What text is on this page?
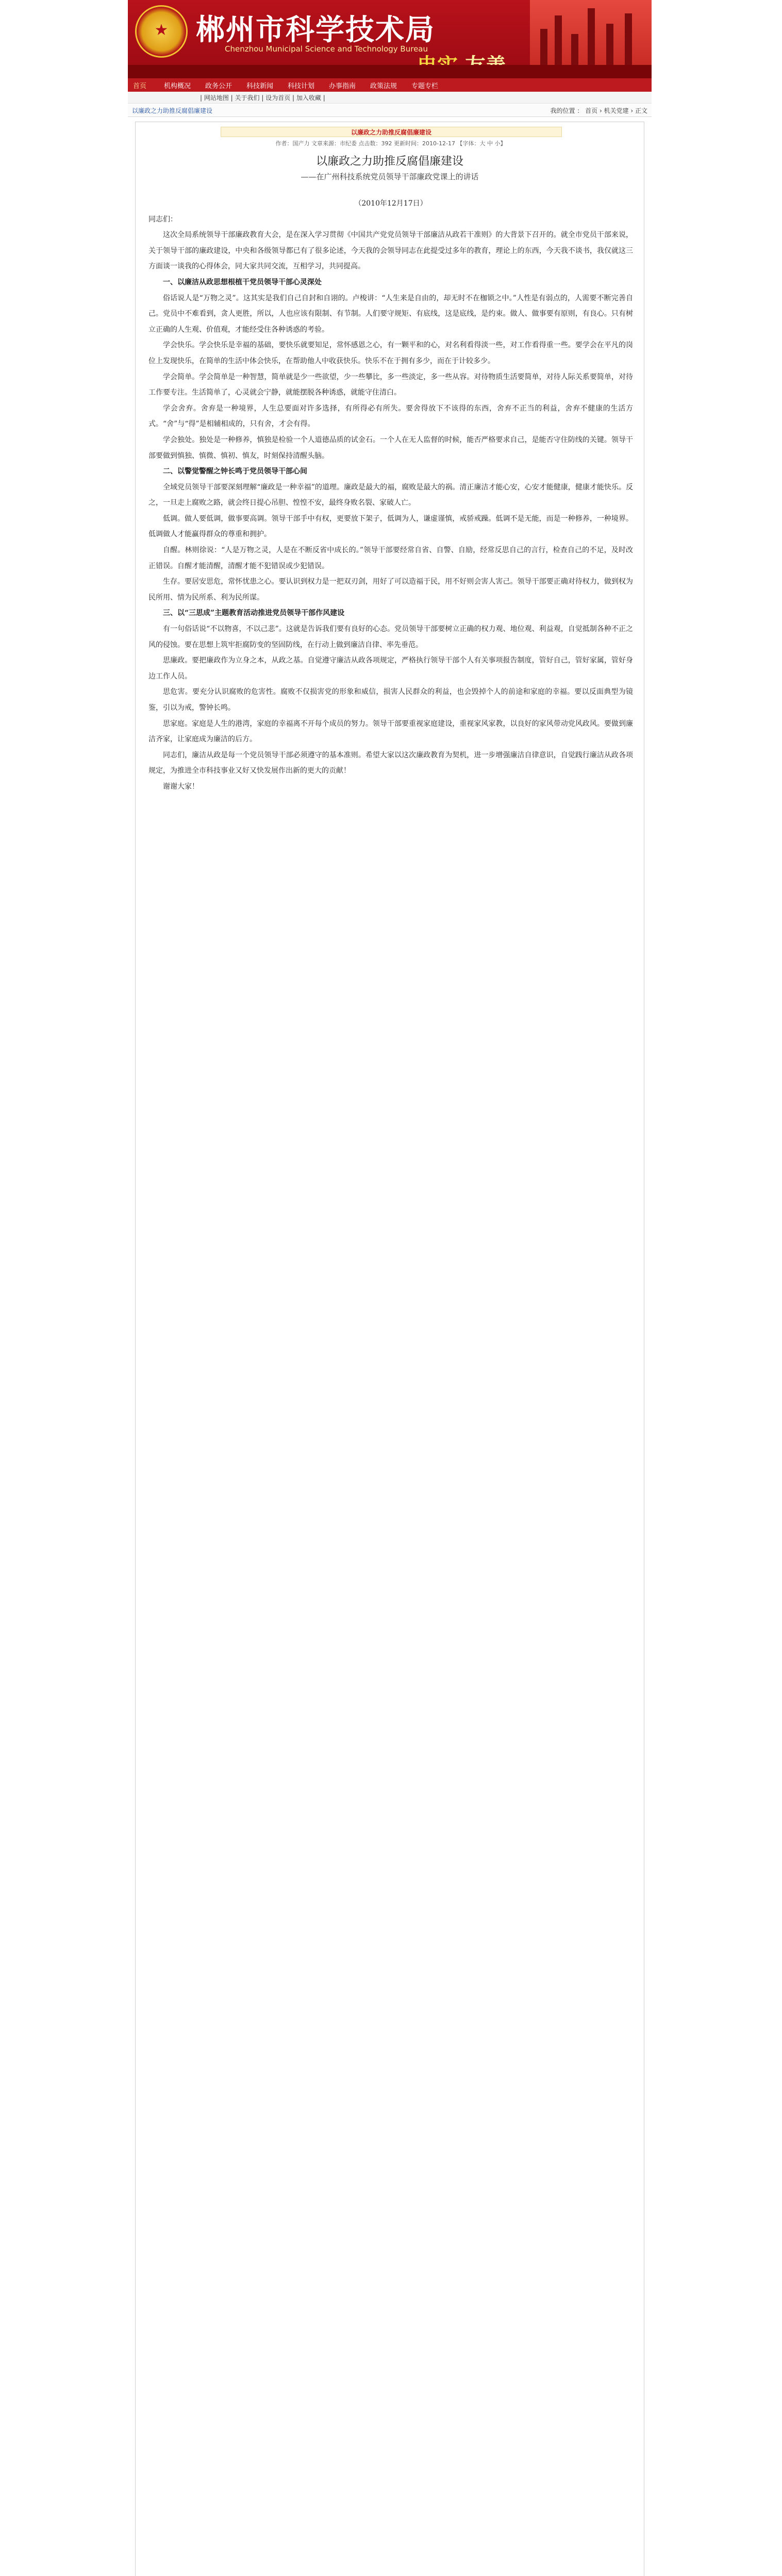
★ 郴州市科学技术局
Chenzhou Municipal Science and Technology Bureau
首页	机构概况 政务公开 科技新闻 科技计划 办事指南 政策法规 专题专栏
| 网站地图 | 关于我们 | 设为首页 | 加入收藏 |
以廉政之力助推反腐倡廉建设	我的位置 ： 首页 › 机关党建 › 正文
以廉政之力助推反腐倡廉建设
作者：国产力 文章来源：市纪委 点击数：392 更新时间：2010-12-17 【字体：大 中 小】
以廉政之力助推反腐倡廉建设
——在广州科技系统党员领导干部廉政党课上的讲话

（2010年12月17日）

同志们：

这次全局系统领导干部廉政教育大会，是在深入学习贯彻《中国共产党党员领导干部廉洁从政若干准则》的大背景下召开的。就全市党员干部来说，关于领导干部的廉政建设，中央和各级领导都已有了很多论述，今天我的会领导同志在此提受过多年的教育，理论上的东西，今天我不谈书，我仅就这三方面谈一谈我的心得体会，同大家共同交流，互相学习，共同提高。

一、以廉洁从政思想根植干党员领导干部心灵深处

俗话说人是“万物之灵”。这其实是我们自己自封和自诩的。卢梭讲：“人生来是自由的，却无时不在枷锁之中。”人性是有弱点的，人需要不断完善自己。党员中不难看到，贪人更胜，所以，人也应该有限制、有节制。人们要守规矩、有底线，这是底线，是约束。做人、做事要有原则，有良心。只有树立正确的人生观、价值观，才能经受住各种诱惑的考验。

学会快乐。学会快乐是幸福的基础，要快乐就要知足，常怀感恩之心，有一颗平和的心，对名利看得淡一些，对工作看得重一些。要学会在平凡的岗位上发现快乐，在简单的生活中体会快乐，在帮助他人中收获快乐。快乐不在于拥有多少，而在于计较多少。

学会简单。学会简单是一种智慧，简单就是少一些欲望，少一些攀比，多一些淡定，多一些从容。对待物质生活要简单，对待人际关系要简单，对待工作要专注。生活简单了，心灵就会宁静，就能摆脱各种诱惑，就能守住清白。

学会舍弃。舍弃是一种境界，人生总要面对许多选择，有所得必有所失。要舍得放下不该得的东西，舍弃不正当的利益，舍弃不健康的生活方式。“舍”与“得”是相辅相成的，只有舍，才会有得。

学会独处。独处是一种修养，慎独是检验一个人道德品质的试金石。一个人在无人监督的时候，能否严格要求自己，是能否守住防线的关键。领导干部要做到慎独、慎微、慎初、慎友，时刻保持清醒头脑。

二、以警觉警醒之钟长鸣于党员领导干部心间

全域党员领导干部要深刻理解“廉政是一种幸福”的道理。廉政是最大的福，腐败是最大的祸。清正廉洁才能心安，心安才能健康，健康才能快乐。反之，一旦走上腐败之路，就会终日提心吊胆、惶惶不安，最终身败名裂、家破人亡。

低调。做人要低调，做事要高调。领导干部手中有权，更要放下架子，低调为人，谦虚谨慎，戒骄戒躁。低调不是无能，而是一种修养，一种境界。低调做人才能赢得群众的尊重和拥护。

自醒。林则徐说：“人是万物之灵，人是在不断反省中成长的。”领导干部要经常自省、自警、自励，经常反思自己的言行，检查自己的不足，及时改正错误。自醒才能清醒，清醒才能不犯错误或少犯错误。

生存。要居安思危，常怀忧患之心。要认识到权力是一把双刃剑，用好了可以造福于民，用不好则会害人害己。领导干部要正确对待权力，做到权为民所用、情为民所系、利为民所谋。

三、以“三思成”主题教育活动推进党员领导干部作风建设

有一句俗话说“不以物喜，不以己悲”。这就是告诉我们要有良好的心态。党员领导干部要树立正确的权力观、地位观、利益观，自觉抵制各种不正之风的侵蚀。要在思想上筑牢拒腐防变的坚固防线，在行动上做到廉洁自律、率先垂范。

思廉政。要把廉政作为立身之本，从政之基。自觉遵守廉洁从政各项规定，严格执行领导干部个人有关事项报告制度，管好自己，管好家属，管好身边工作人员。

思危害。要充分认识腐败的危害性。腐败不仅损害党的形象和威信，损害人民群众的利益，也会毁掉个人的前途和家庭的幸福。要以反面典型为镜鉴，引以为戒，警钟长鸣。

思家庭。家庭是人生的港湾，家庭的幸福离不开每个成员的努力。领导干部要重视家庭建设，重视家风家教，以良好的家风带动党风政风。要做到廉洁齐家，让家庭成为廉洁的后方。

同志们，廉洁从政是每一个党员领导干部必须遵守的基本准则。希望大家以这次廉政教育为契机，进一步增强廉洁自律意识，自觉践行廉洁从政各项规定，为推进全市科技事业又好又快发展作出新的更大的贡献！

谢谢大家！
